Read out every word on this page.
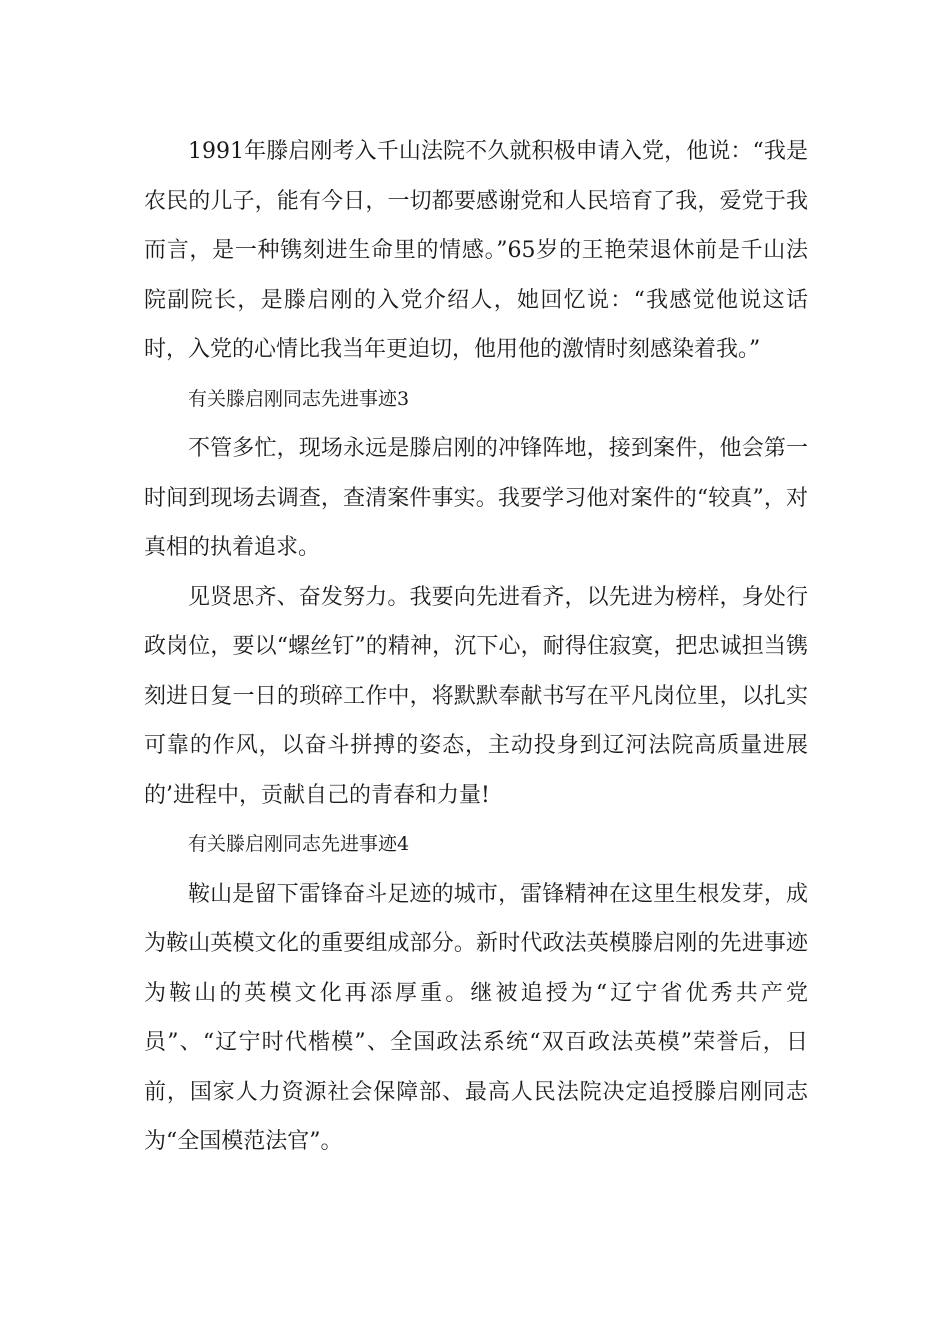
1991年滕启刚考入千山法院不久就积极申请入党，他说：“我是农民的儿子，能有今日，一切都要感谢党和人民培育了我，爱党于我而言，是一种镌刻进生命里的情感。”65岁的王艳荣退休前是千山法院副院长，是滕启刚的入党介绍人，她回忆说：“我感觉他说这话时，入党的心情比我当年更迫切，他用他的激情时刻感染着我。”

有关滕启刚同志先进事迹3

不管多忙，现场永远是滕启刚的冲锋阵地，接到案件，他会第一时间到现场去调查，查清案件事实。我要学习他对案件的“较真”，对真相的执着追求。

见贤思齐、奋发努力。我要向先进看齐，以先进为榜样，身处行政岗位，要以“螺丝钉”的精神，沉下心，耐得住寂寞，把忠诚担当镌刻进日复一日的琐碎工作中，将默默奉献书写在平凡岗位里，以扎实可靠的作风，以奋斗拼搏的姿态，主动投身到辽河法院高质量进展的’进程中，贡献自己的青春和力量!

有关滕启刚同志先进事迹4

鞍山是留下雷锋奋斗足迹的城市，雷锋精神在这里生根发芽，成为鞍山英模文化的重要组成部分。新时代政法英模滕启刚的先进事迹为鞍山的英模文化再添厚重。继被追授为“辽宁省优秀共产党员”、“辽宁时代楷模”、全国政法系统“双百政法英模”荣誉后，日前，国家人力资源社会保障部、最高人民法院决定追授滕启刚同志为“全国模范法官”。
